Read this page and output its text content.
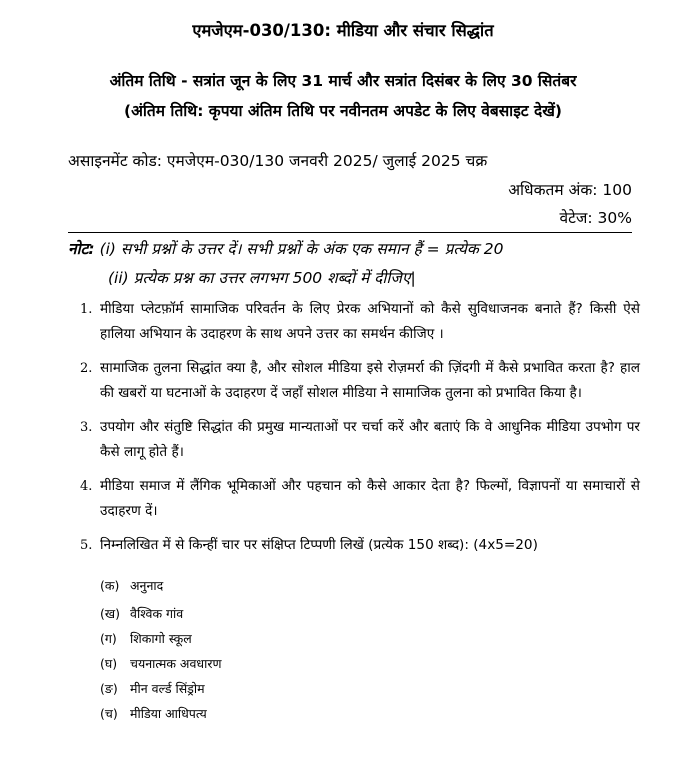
एमजेएम-030/130: मीडिया और संचार सिद्धांत
अंतिम तिथि - सत्रांत जून के लिए 31 मार्च और सत्रांत दिसंबर के लिए 30 सितंबर
(अंतिम तिथि: कृपया अंतिम तिथि पर नवीनतम अपडेट के लिए वेबसाइट देखें)
असाइनमेंट कोड: एमजेएम-030/130 जनवरी 2025/ जुलाई 2025 चक्र
अधिकतम अंक: 100
वेटेज: 30%
नोट: (i) सभी प्रश्नों के उत्तर दें। सभी प्रश्नों के अंक एक समान हैं = प्रत्येक 20
(ii) प्रत्येक प्रश्न का उत्तर लगभग 500 शब्दों में दीजिए|
1. मीडिया प्लेटफ़ॉर्म सामाजिक परिवर्तन के लिए प्रेरक अभियानों को कैसे सुविधाजनक बनाते हैं? किसी ऐसे हालिया अभियान के उदाहरण के साथ अपने उत्तर का समर्थन कीजिए ।
2. सामाजिक तुलना सिद्धांत क्या है, और सोशल मीडिया इसे रोज़मर्रा की ज़िंदगी में कैसे प्रभावित करता है? हाल की खबरों या घटनाओं के उदाहरण दें जहाँ सोशल मीडिया ने सामाजिक तुलना को प्रभावित किया है।
3. उपयोग और संतुष्टि सिद्धांत की प्रमुख मान्यताओं पर चर्चा करें और बताएं कि वे आधुनिक मीडिया उपभोग पर कैसे लागू होते हैं।
4. मीडिया समाज में लैंगिक भूमिकाओं और पहचान को कैसे आकार देता है? फिल्मों, विज्ञापनों या समाचारों से उदाहरण दें।
5. निम्नलिखित में से किन्हीं चार पर संक्षिप्त टिप्पणी लिखें (प्रत्येक 150 शब्द): (4x5=20)
(क) अनुनाद
(ख) वैश्विक गांव
(ग) शिकागो स्कूल
(घ) चयनात्मक अवधारण
(ङ) मीन वर्ल्ड सिंड्रोम
(च) मीडिया आधिपत्य
